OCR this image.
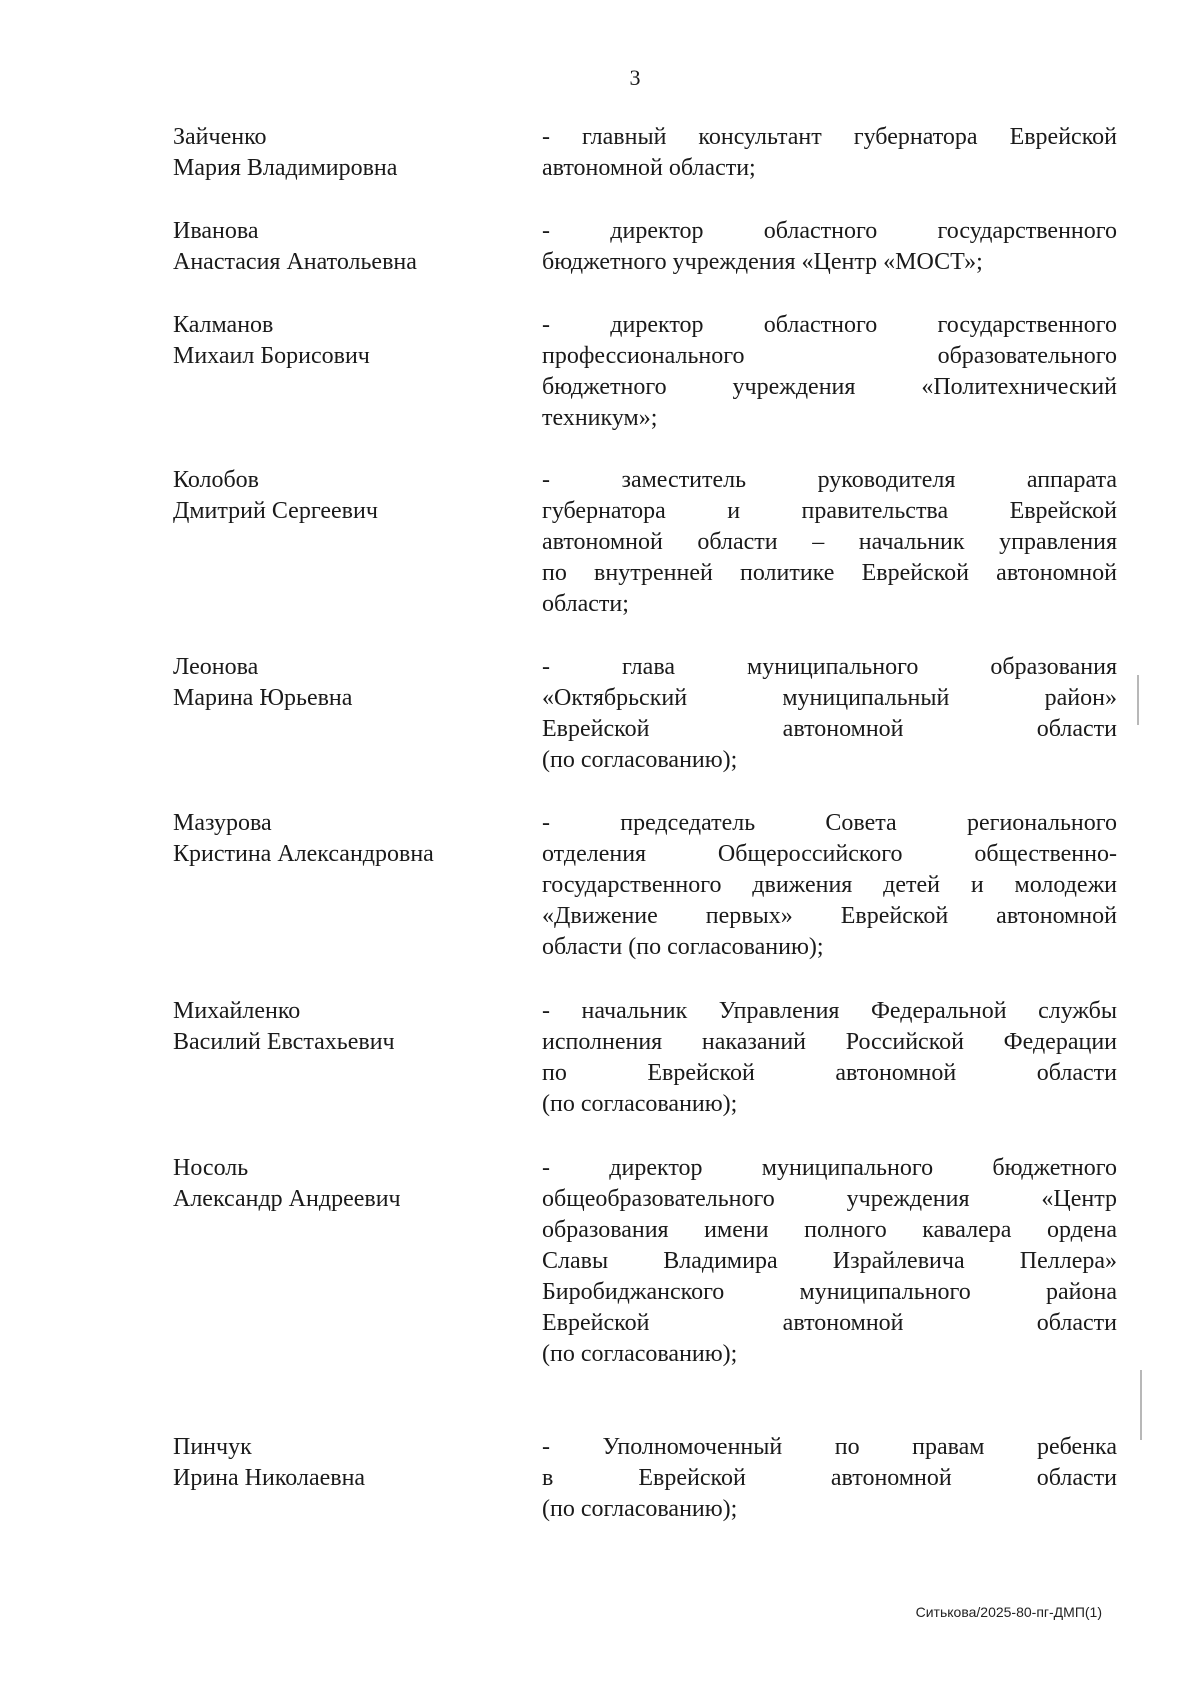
3
Зайченко
Мария Владимировна
- главный консультант губернатора Еврейской
автономной области;
Иванова
Анастасия Анатольевна
- директор областного государственного
бюджетного учреждения «Центр «МОСТ»;
Калманов
Михаил Борисович
- директор областного государственного
профессионального образовательного
бюджетного учреждения «Политехнический
техникум»;
Колобов
Дмитрий Сергеевич
- заместитель руководителя аппарата
губернатора и правительства Еврейской
автономной области – начальник управления
по внутренней политике Еврейской автономной
области;
Леонова
Марина Юрьевна
- глава муниципального образования
«Октябрьский муниципальный район»
Еврейской автономной области
(по согласованию);
Мазурова
Кристина Александровна
- председатель Совета регионального
отделения Общероссийского общественно-
государственного движения детей и молодежи
«Движение первых» Еврейской автономной
области (по согласованию);
Михайленко
Василий Евстахьевич
- начальник Управления Федеральной службы
исполнения наказаний Российской Федерации
по Еврейской автономной области
(по согласованию);
Носоль
Александр Андреевич
- директор муниципального бюджетного
общеобразовательного учреждения «Центр
образования имени полного кавалера ордена
Славы Владимира Израйлевича Пеллера»
Биробиджанского муниципального района
Еврейской автономной области
(по согласованию);
Пинчук
Ирина Николаевна
- Уполномоченный по правам ребенка
в Еврейской автономной области
(по согласованию);
Ситькова/2025-80-пг-ДМП(1)
